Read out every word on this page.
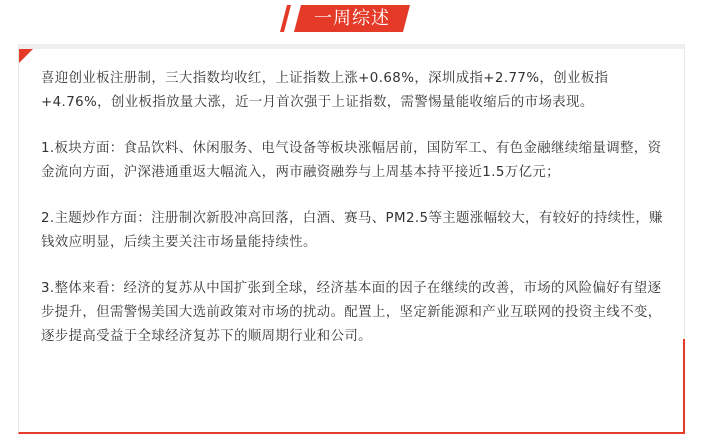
一周综述

喜迎创业板注册制，三大指数均收红，上证指数上涨+0.68%，深圳成指+2.77%，创业板指+4.76%，创业板指放量大涨，近一月首次强于上证指数，需警惕量能收缩后的市场表现。

1.板块方面：食品饮料、休闲服务、电气设备等板块涨幅居前，国防军工、有色金融继续缩量调整，资金流向方面，沪深港通重返大幅流入，两市融资融券与上周基本持平接近1.5万亿元；

2.主题炒作方面：注册制次新股冲高回落，白酒、赛马、PM2.5等主题涨幅较大，有较好的持续性，赚钱效应明显，后续主要关注市场量能持续性。

3.整体来看：经济的复苏从中国扩张到全球，经济基本面的因子在继续的改善，市场的风险偏好有望逐步提升，但需警惕美国大选前政策对市场的扰动。配置上，坚定新能源和产业互联网的投资主线不变，逐步提高受益于全球经济复苏下的顺周期行业和公司。
